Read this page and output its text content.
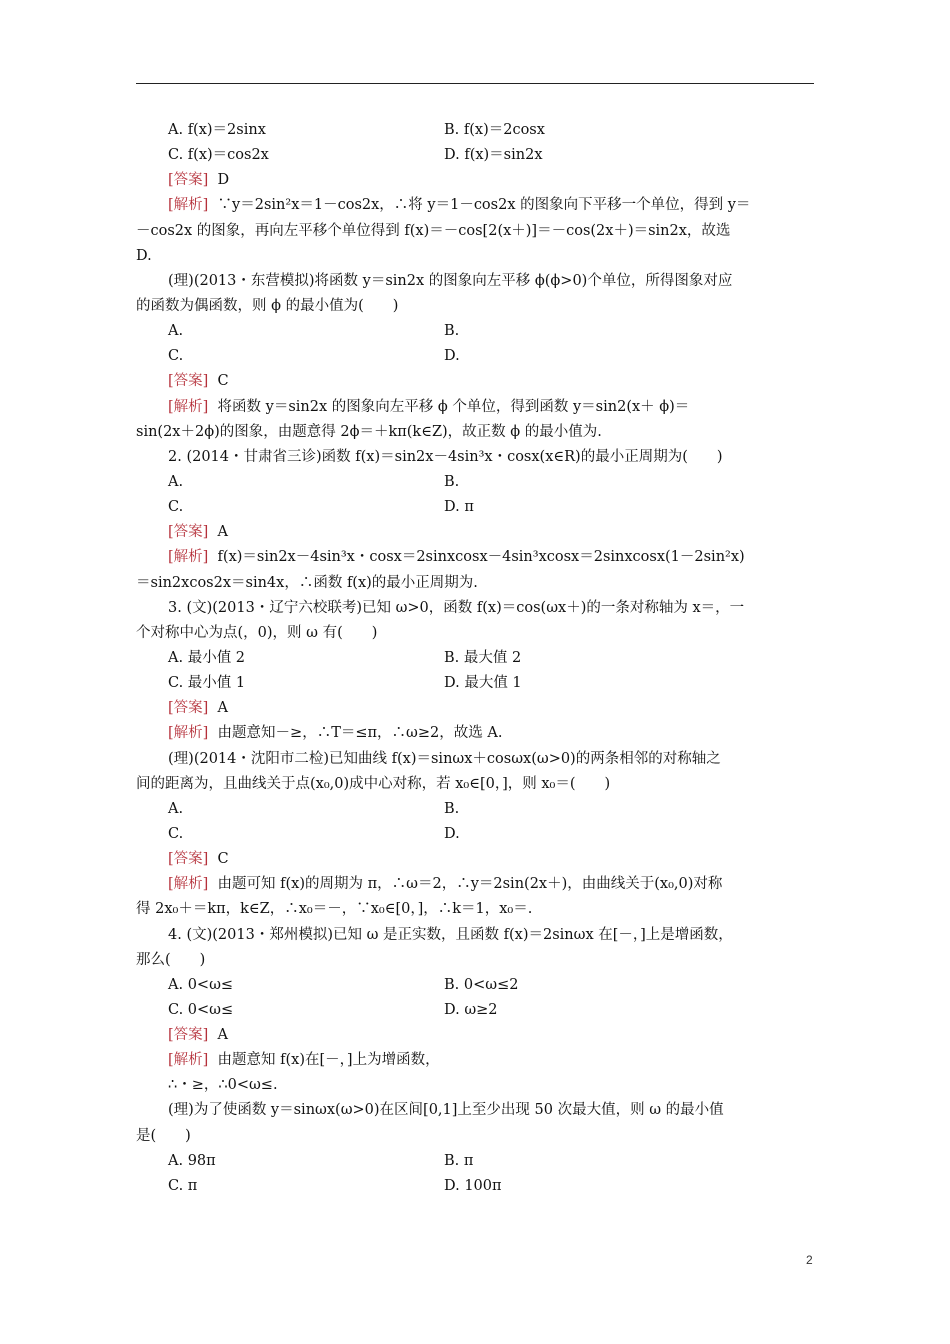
A. f(x)＝2sinx	B. f(x)＝2cosx
C. f(x)＝cos2x	D. f(x)＝sin2x
[答案]  D
[解析]  ∵y＝2sin²x＝1－cos2x，∴将 y＝1－cos2x 的图象向下平移一个单位，得到 y＝
－cos2x 的图象，再向左平移个单位得到 f(x)＝－cos[2(x＋)]＝－cos(2x＋)＝sin2x，故选
D.
(理)(2013・东营模拟)将函数 y＝sin2x 的图象向左平移 ϕ(ϕ>0)个单位，所得图象对应
的函数为偶函数，则 ϕ 的最小值为(　　)
A.	B.
C.	D.
[答案]  C
[解析]  将函数 y＝sin2x 的图象向左平移 ϕ 个单位，得到函数 y＝sin2(x＋ ϕ)＝
sin(2x＋2ϕ)的图象，由题意得 2ϕ＝＋kπ(k∈Z)，故正数 ϕ 的最小值为.
2. (2014・甘肃省三诊)函数 f(x)＝sin2x－4sin³x・cosx(x∈R)的最小正周期为(　　)
A.	B.
C.	D. π
[答案]  A
[解析]  f(x)＝sin2x－4sin³x・cosx＝2sinxcosx－4sin³xcosx＝2sinxcosx(1－2sin²x)
＝sin2xcos2x＝sin4x，∴函数 f(x)的最小正周期为.
3. (文)(2013・辽宁六校联考)已知 ω>0，函数 f(x)＝cos(ωx＋)的一条对称轴为 x＝，一
个对称中心为点(，0)，则 ω 有(　　)
A. 最小值 2	B. 最大值 2
C. 最小值 1	D. 最大值 1
[答案]  A
[解析]  由题意知－≥，∴T＝≤π，∴ω≥2，故选 A.
(理)(2014・沈阳市二检)已知曲线 f(x)＝sinωx＋cosωx(ω>0)的两条相邻的对称轴之
间的距离为，且曲线关于点(x₀,0)成中心对称，若 x₀∈[0，]，则 x₀＝(　　)
A.	B.
C.	D.
[答案]  C
[解析]  由题可知 f(x)的周期为 π，∴ω＝2，∴y＝2sin(2x＋)，由曲线关于(x₀,0)对称
得 2x₀＋＝kπ，k∈Z，∴x₀＝－，∵x₀∈[0，]，∴k＝1，x₀＝.
4. (文)(2013・郑州模拟)已知 ω 是正实数，且函数 f(x)＝2sinωx 在[－，]上是增函数，
那么(　　)
A. 0<ω≤	B. 0<ω≤2
C. 0<ω≤	D. ω≥2
[答案]  A
[解析]  由题意知 f(x)在[－，]上为增函数，
∴・≥，∴0<ω≤.
(理)为了使函数 y＝sinωx(ω>0)在区间[0,1]上至少出现 50 次最大值，则 ω 的最小值
是(　　)
A. 98π	B. π
C. π	D. 100π
2
